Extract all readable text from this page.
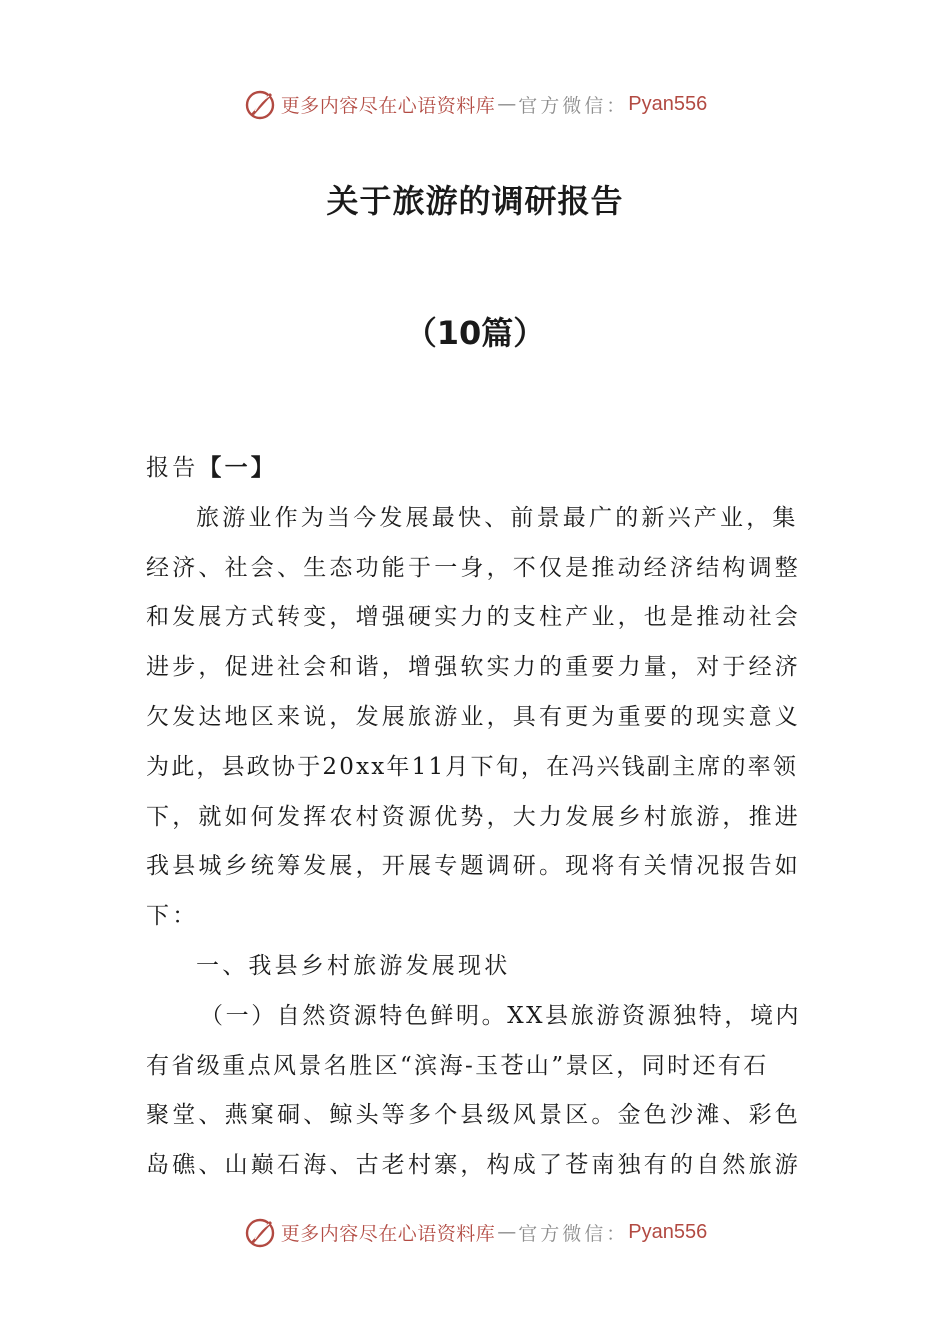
更多内容尽在心语资料库 — 官方微信： Pyan556
关于旅游的调研报告
（10篇）
报告【一】
旅游业作为当今发展最快、前景最广的新兴产业，集
经济、社会、生态功能于一身，不仅是推动经济结构调整
和发展方式转变，增强硬实力的支柱产业，也是推动社会
进步，促进社会和谐，增强软实力的重要力量，对于经济
欠发达地区来说，发展旅游业，具有更为重要的现实意义
为此，县政协于20xx年11月下旬，在冯兴钱副主席的率领
下，就如何发挥农村资源优势，大力发展乡村旅游，推进
我县城乡统筹发展，开展专题调研。现将有关情况报告如
下：
一、我县乡村旅游发展现状
（一）自然资源特色鲜明。XX县旅游资源独特，境内
有省级重点风景名胜区“滨海-玉苍山”景区，同时还有石
聚堂、燕窠硐、鲸头等多个县级风景区。金色沙滩、彩色
岛礁、山巅石海、古老村寨，构成了苍南独有的自然旅游
更多内容尽在心语资料库 — 官方微信： Pyan556
